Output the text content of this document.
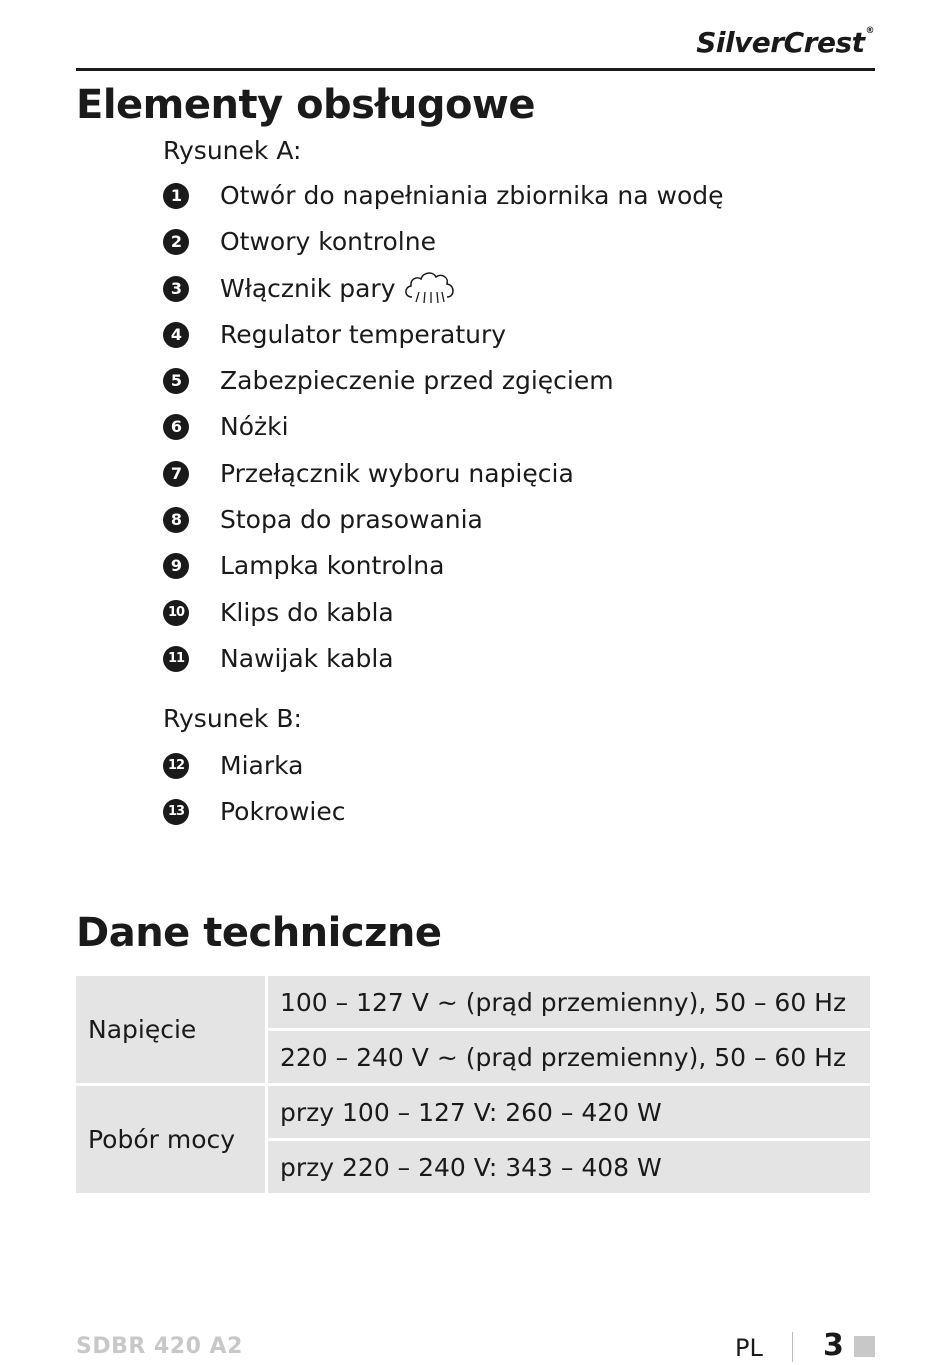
SilverCrest®
Elementy obsługowe
Rysunek A:
1	Otwór do napełniania zbiornika na wodę
2	Otwory kontrolne
3	Włącznik pary
4	Regulator temperatury
5	Zabezpieczenie przed zgięciem
6	Nóżki
7	Przełącznik wyboru napięcia
8	Stopa do prasowania
9	Lampka kontrolna
10 Klips do kabla
11 Nawijak kabla
Rysunek B:
12 Miarka
13 Pokrowiec
Dane techniczne
Napięcie	100 – 127 V ~ (prąd przemienny), 50 – 60 Hz
	220 – 240 V ~ (prąd przemienny), 50 – 60 Hz
Pobór mocy	przy 100 – 127 V: 260 – 420 W
	przy 220 – 240 V: 343 – 408 W
SDBR 420 A2	PL 3
